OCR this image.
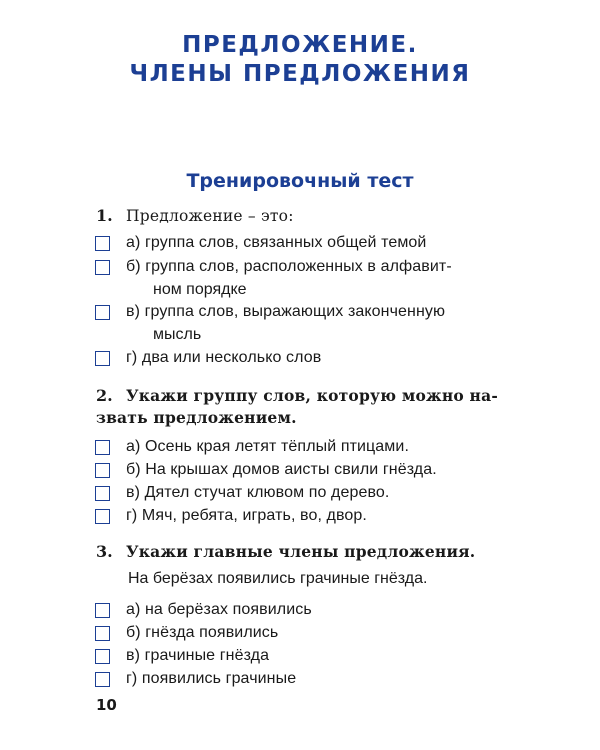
ПРЕДЛОЖЕНИЕ.
ЧЛЕНЫ ПРЕДЛОЖЕНИЯ
Тренировочный тест
1. Предложение – это:
а) группа слов, связанных общей темой
б) группа слов, расположенных в алфавит-
ном порядке
в) группа слов, выражающих законченную
мысль
г) два или несколько слов
2. Укажи группу слов, которую можно на-
звать предложением.
а) Осень края летят тёплый птицами.
б) На крышах домов аисты свили гнёзда.
в) Дятел стучат клювом по дерево.
г) Мяч, ребята, играть, во, двор.
3. Укажи главные члены предложения.
На берёзах появились грачиные гнёзда.
а) на берёзах появились
б) гнёзда появились
в) грачиные гнёзда
г) появились грачиные
10
